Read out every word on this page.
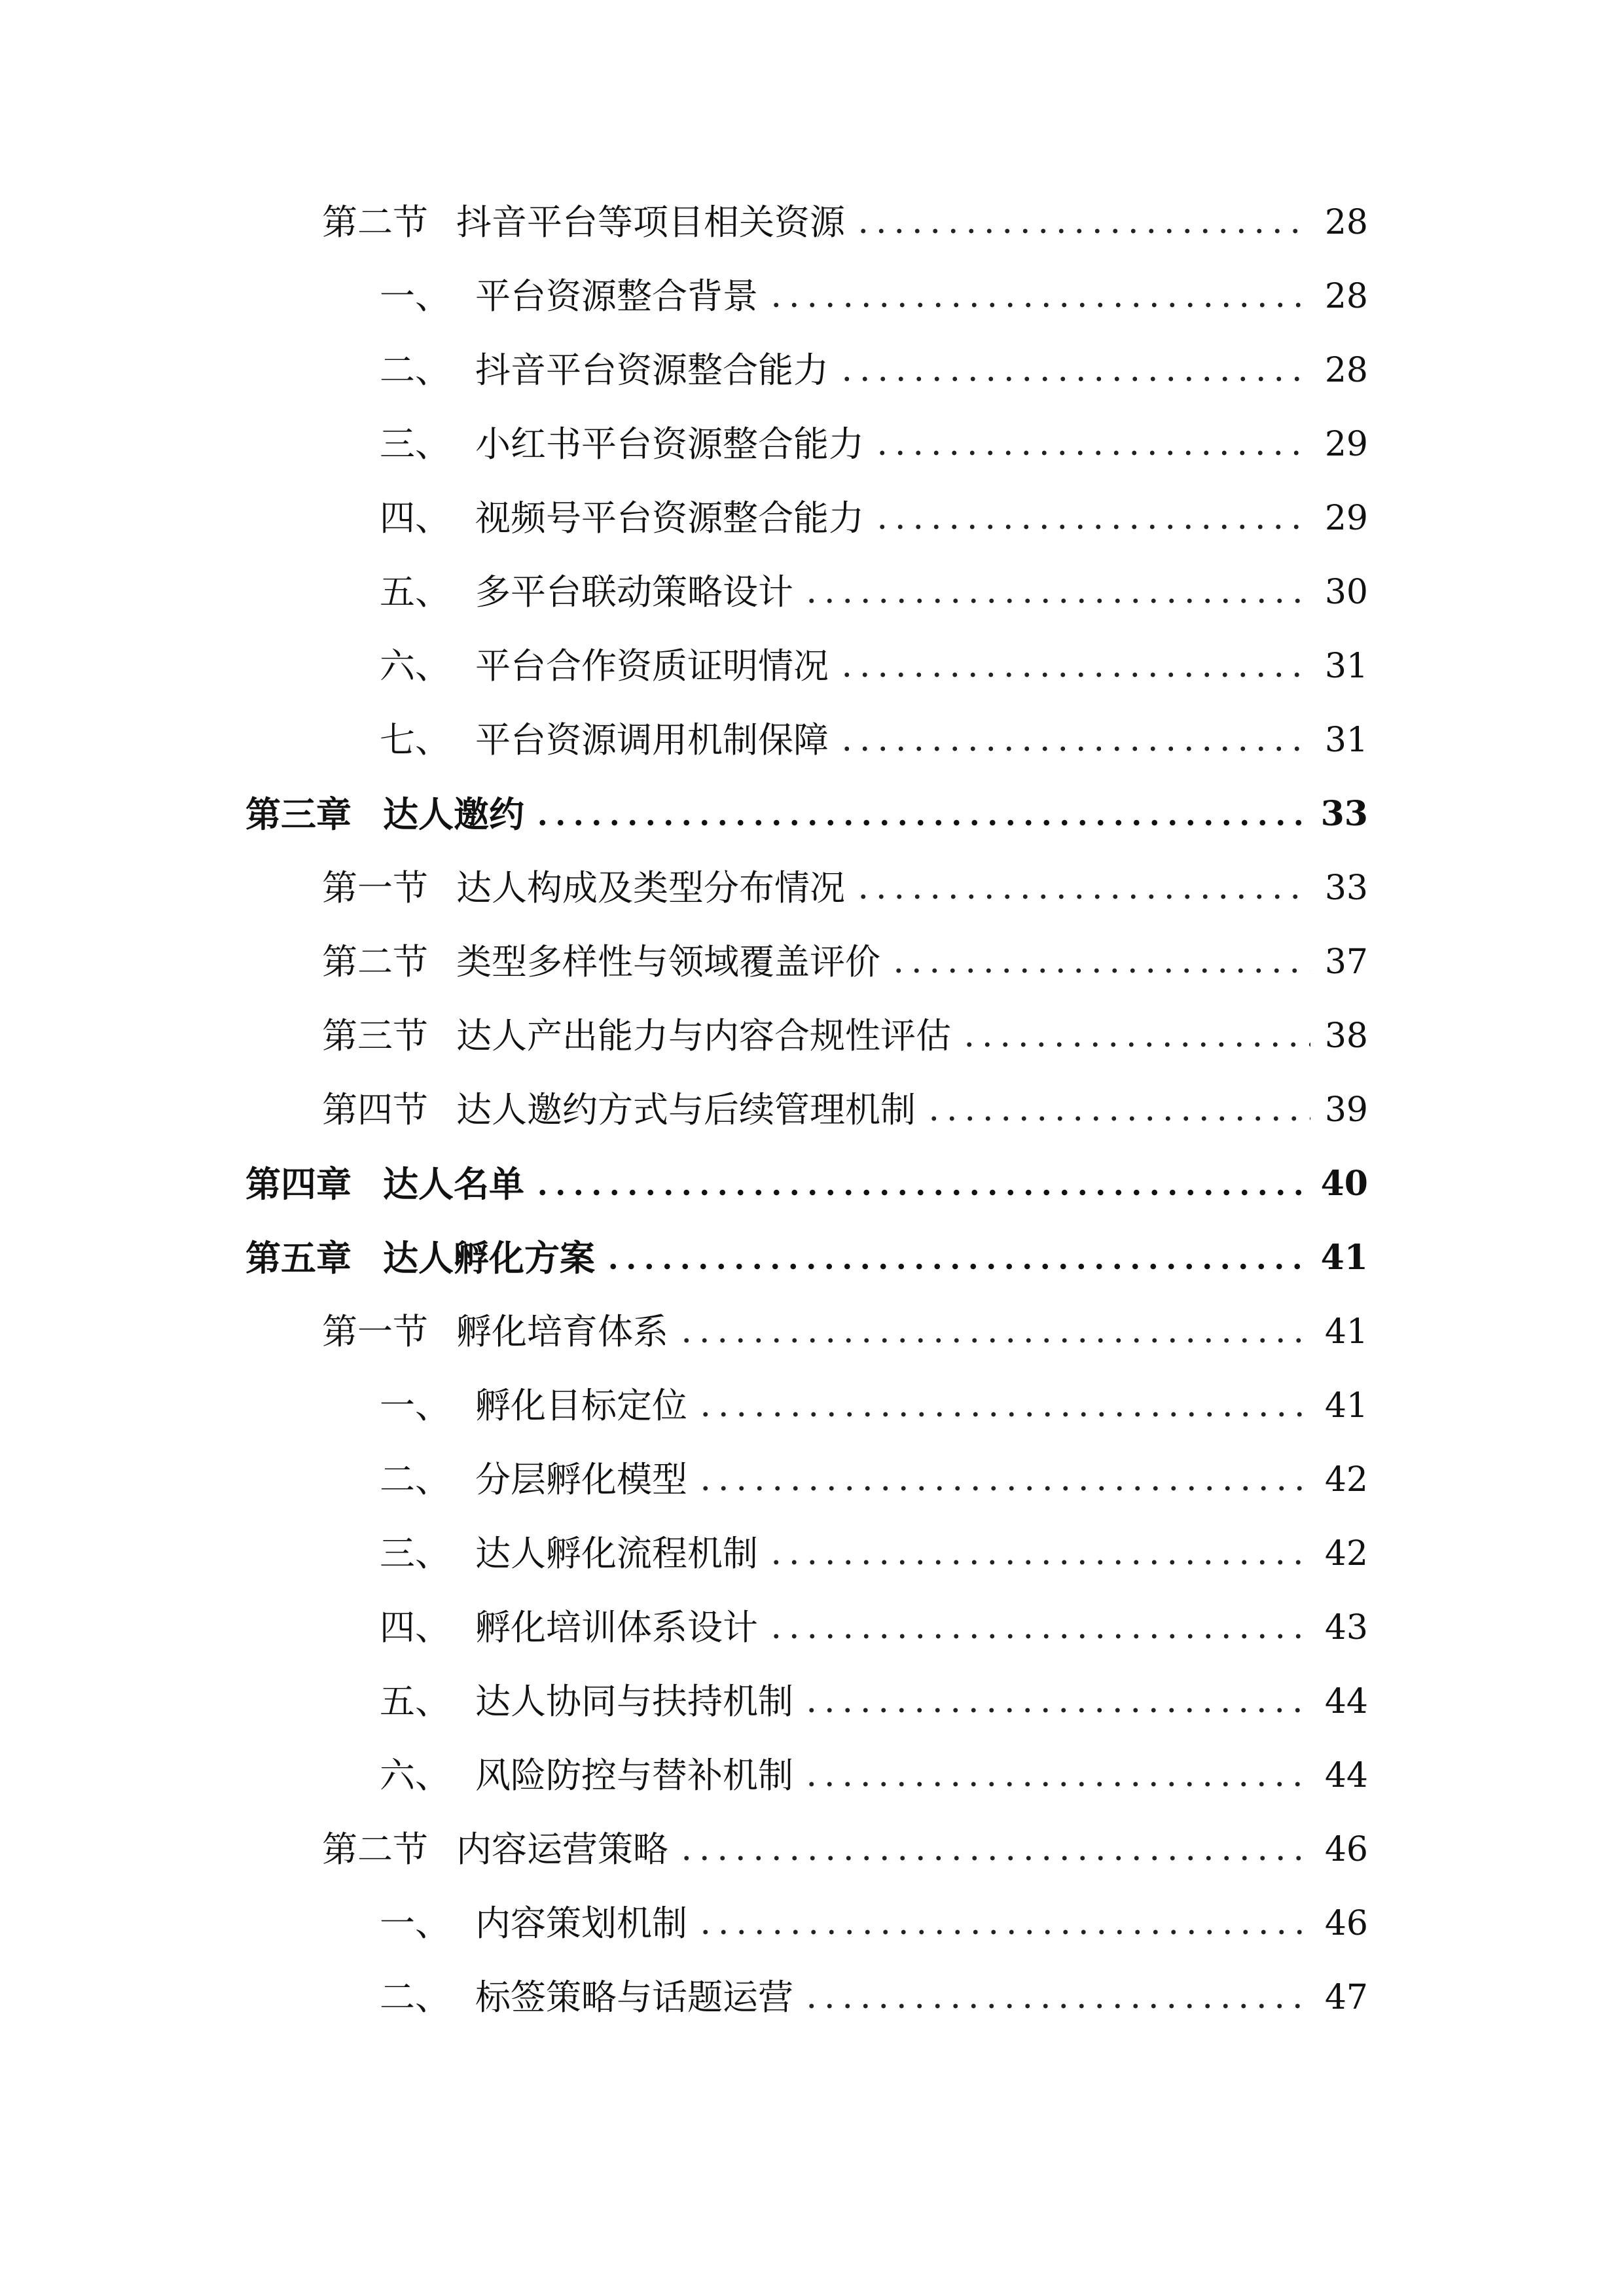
第二节 抖音平台等项目相关资源	28
一、 平台资源整合背景	28
二、 抖音平台资源整合能力	28
三、 小红书平台资源整合能力	29
四、 视频号平台资源整合能力	29
五、 多平台联动策略设计	30
六、 平台合作资质证明情况	31
七、 平台资源调用机制保障	31
第三章 达人邀约	33
第一节 达人构成及类型分布情况	33
第二节 类型多样性与领域覆盖评价	37
第三节 达人产出能力与内容合规性评估	38
第四节 达人邀约方式与后续管理机制	39
第四章 达人名单	40
第五章 达人孵化方案	41
第一节 孵化培育体系	41
一、 孵化目标定位	41
二、 分层孵化模型	42
三、 达人孵化流程机制	42
四、 孵化培训体系设计	43
五、 达人协同与扶持机制	44
六、 风险防控与替补机制	44
第二节 内容运营策略	46
一、 内容策划机制	46
二、 标签策略与话题运营	47
